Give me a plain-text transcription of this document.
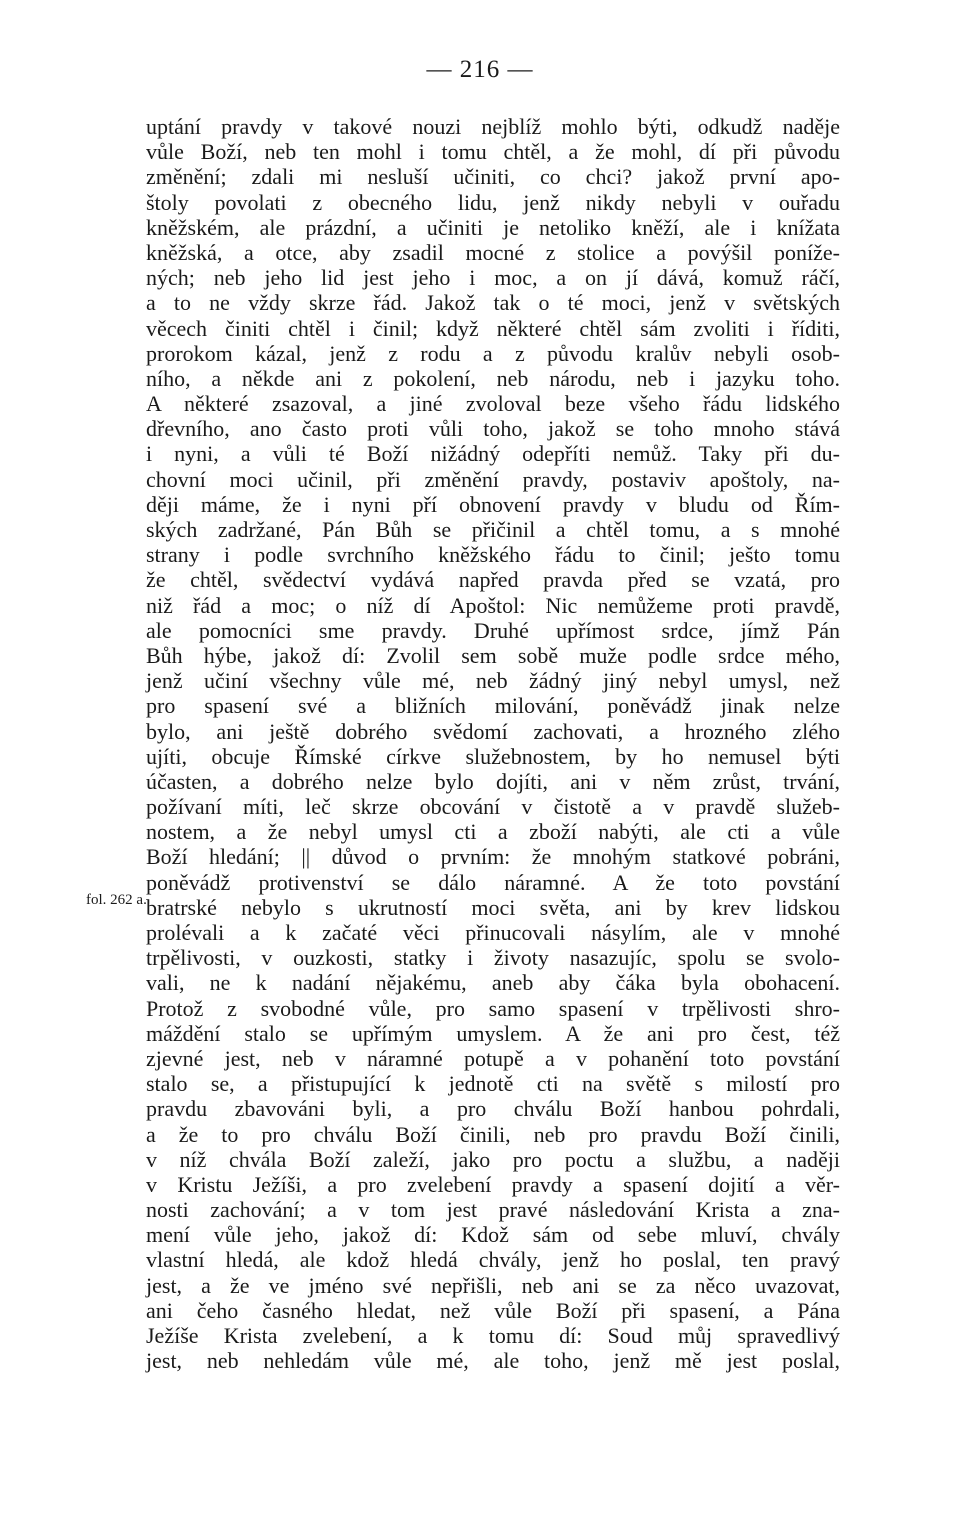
— 216 —
fol. 262 a.
uptání pravdy v takové nouzi nejblíž mohlo býti, odkudž naděje
vůle Boží, neb ten mohl i tomu chtěl, a že mohl, dí při původu
změnění; zdali mi nesluší učiniti, co chci? jakož první apo-
štoly povolati z obecného lidu, jenž nikdy nebyli v ouřadu
kněžském, ale prázdní, a učiniti je netoliko kněží, ale i knížata
kněžská, a otce, aby zsadil mocné z stolice a povýšil ponížе-
ných; neb jeho lid jest jeho i moc, a on jí dává, komuž ráčí,
a to ne vždy skrze řád. Jakož tak o té moci, jenž v světských
věcech činiti chtěl i činil; když některé chtěl sám zvoliti i říditi,
prorokom kázal, jenž z rodu a z původu kralův nebyli osob-
ního, a někde ani z pokolení, neb národu, neb i jazyku toho.
A některé zsazoval, a jiné zvoloval beze všeho řádu lidského
dřevního, ano často proti vůli toho, jakož se toho mnoho stává
i nyni, a vůli té Boží nižádný odepříti nemůž. Taky při du-
chovní moci učinil, při změnění pravdy, postaviv apoštoly, na-
ději máme, že i nyni pří obnovení pravdy v bludu od Řím-
ských zadržané, Pán Bůh se přičinil a chtěl tomu, a s mnohé
strany i podle svrchního kněžského řádu to činil; ješto tomu
že chtěl, svědectví vydává napřed pravda před se vzatá, pro
niž řád a moc; o níž dí Apoštol: Nic nemůžeme proti pravdě,
ale pomocníci sme pravdy. Druhé upřímost srdce, jímž Pán
Bůh hýbe, jakož dí: Zvolil sem sobě muže podle srdce mého,
jenž učiní všechny vůle mé, neb žádný jiný nebyl umysl, než
pro spasení své a bližních milování, poněvádž jinak nelze
bylo, ani ještě dobrého svědomí zachovati, a hrozného zlého
ujíti, obcuje Římské církve služebnostem, by ho nemusel býti
účasten, a dobrého nelze bylo dojíti, ani v něm zrůst, trvání,
požívaní míti, leč skrze obcování v čistotě a v pravdě služeb-
nostem, a že nebyl umysl cti a zboží nabýti, ale cti a vůle
Boží hledání; || důvod o prvním: že mnohým statkové pobráni,
poněvádž protivenství se dálo náramné. A že toto povstání
bratrské nebylo s ukrutností moci světa, ani by krev lidskou
prolévali a k začaté věci přinucovali násylím, ale v mnohé
trpělivosti, v ouzkosti, statky i životy nasazujíc, spolu se svolo-
vali, ne k nadání nějakému, aneb aby čáka byla obohacení.
Protož z svobodné vůle, pro samo spasení v trpělivosti shro-
máždění stalo se upřímým umyslem. A že ani pro čest, též
zjevné jest, neb v náramné potupě a v pohanění toto povstání
stalo se, a přistupující k jednotě cti na světě s milostí pro
pravdu zbavováni byli, a pro chválu Boží hanbou pohrdali,
a že to pro chválu Boží činili, neb pro pravdu Boží činili,
v níž chvála Boží zaleží, jako pro poctu a službu, a naději
v Kristu Ježíši, a pro zvelebení pravdy a spasení dojití a věr-
nosti zachování; a v tom jest pravé následování Krista a zna-
mení vůle jeho, jakož dí: Kdož sám od sebe mluví, chvály
vlastní hledá, ale kdož hledá chvály, jenž ho poslal, ten pravý
jest, a že ve jméno své nepřišli, neb ani se za něco uvazovat,
ani čeho časného hledat, než vůle Boží při spasení, a Pána
Ježíše Krista zvelebení, a k tomu dí: Soud můj spravedlivý
jest, neb nehledám vůle mé, ale toho, jenž mě jest poslal,
